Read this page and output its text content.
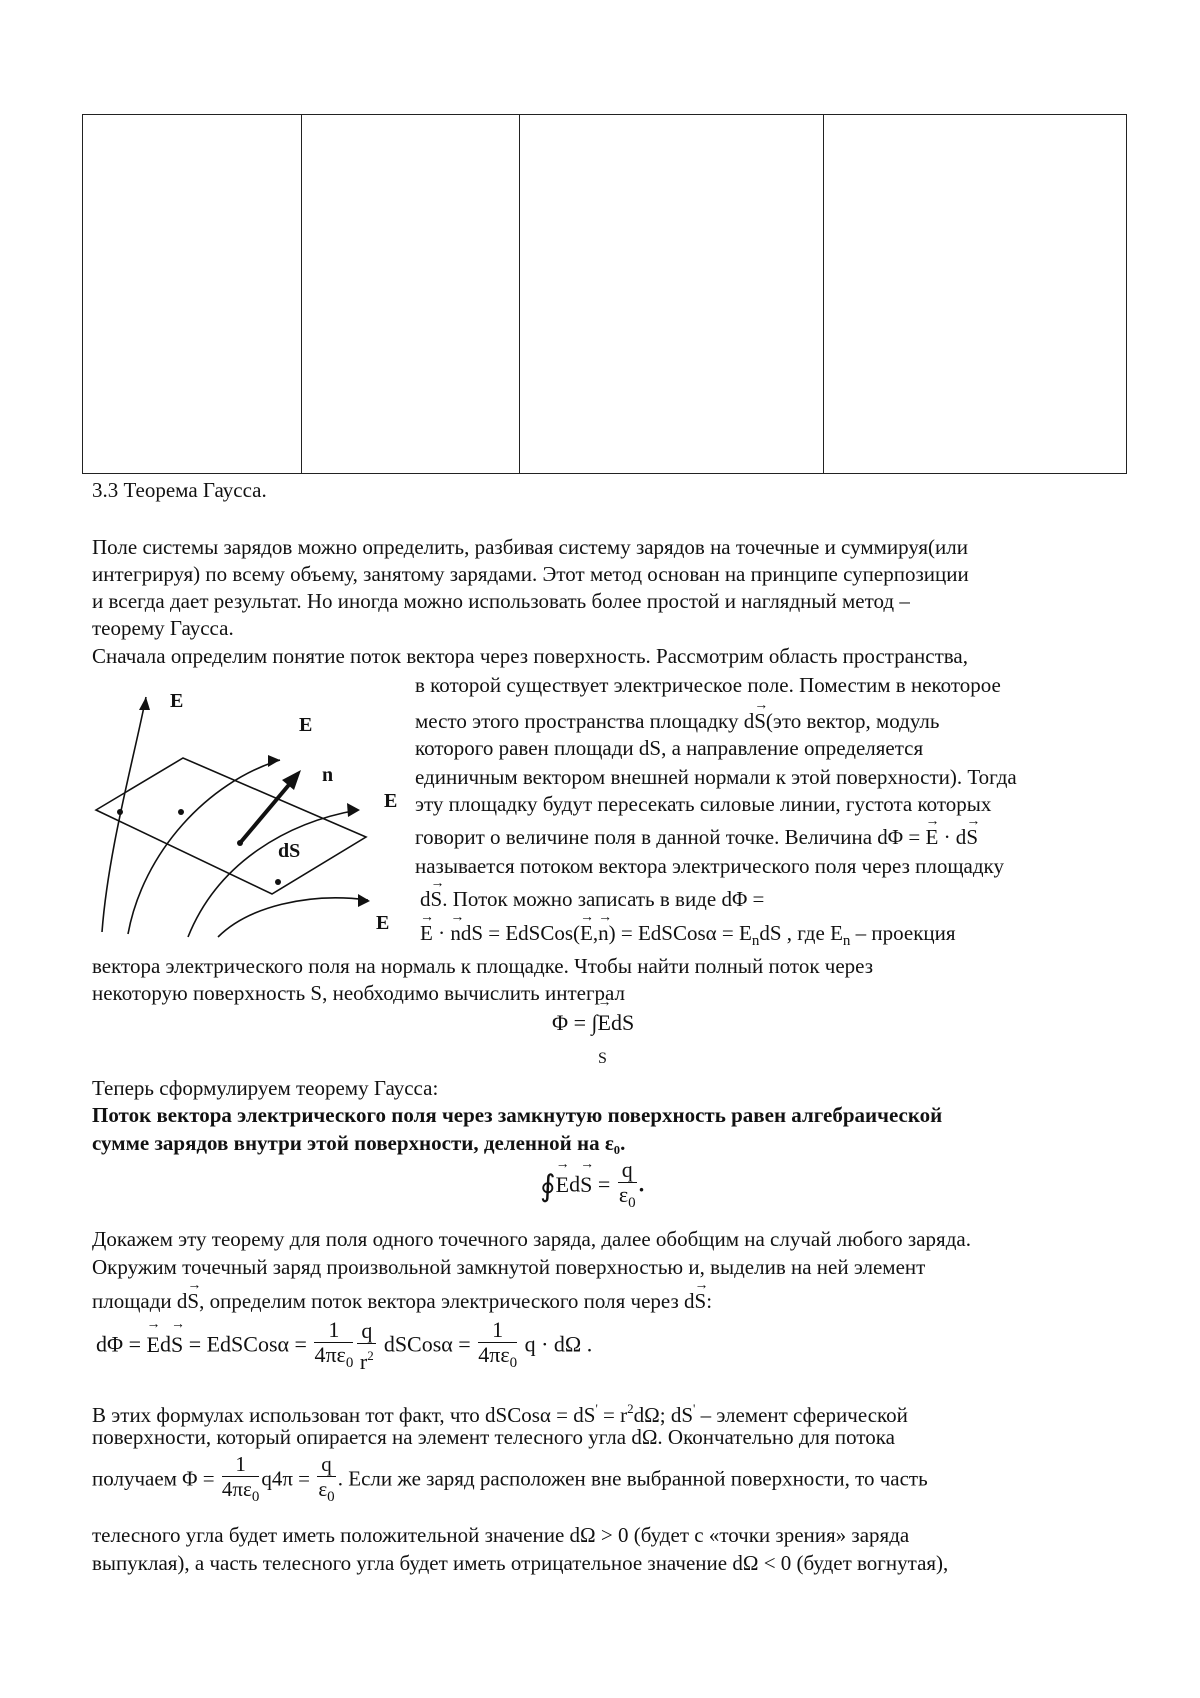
3.3 Теорема Гаусса.
Поле системы зарядов можно определить, разбивая систему зарядов на точечные и суммируя(или
интегрируя) по всему объему, занятому зарядами. Этот метод основан на принципе суперпозиции
и всегда дает результат. Но иногда можно использовать более простой и наглядный метод –
теорему Гаусса.
Сначала определим понятие поток вектора через поверхность. Рассмотрим область пространства,
E
E
n
E
dS
E
в которой существует электрическое поле. Поместим в некоторое
место этого пространства площадку d→ S(это вектор, модуль
которого равен площади dS, а направление определяется
единичным вектором внешней нормали к этой поверхности). Тогда
эту площадку будут пересекать силовые линии, густота которых
говорит о величине поля в данной точке. Величина dΦ = → E · d→ S
называется потоком вектора электрического поля через площадку
d→ S. Поток можно записать в виде dΦ =
→ E · → ndS = EdSCos(→ E,→ n) = EdSCosα = $E_ndS$ , где $E_n$ – проекция
вектора электрического поля на нормаль к площадке. Чтобы найти полный поток через
некоторую поверхность S, необходимо вычислить интеграл
Φ = ∫→ EdS
S
Теперь сформулируем теорему Гаусса:
Поток вектора электрического поля через замкнутую поверхность равен алгебраической
сумме зарядов внутри этой поверхности, деленной на ε₀.
∮→ $Ed\to S = \frac{q}{\varepsilon_0}$ .
Докажем эту теорему для поля одного точечного заряда, далее обобщим на случай любого заряда.
Окружим точечный заряд произвольной замкнутой поверхностью и, выделив на ней элемент
площади d→ S, определим поток вектора электрического поля через d→ S:
dΦ = → Ed→ S = EdSCosα = $\frac{1}{4\pi\varepsilon_0} \frac{q}{r^2}$ dSCosα = $\frac{1}{4\pi\varepsilon_0}$ q · dΩ .
В этих формулах использован тот факт, что dSCosα = $dS' = r^2d\Omega$; dS' – элемент сферической
поверхности, который опирается на элемент телесного угла dΩ. Окончательно для потока
получаем $\Phi = \frac{1}{4\pi\varepsilon_0} q4\pi = \frac{q}{\varepsilon_0}$ . Если же заряд расположен вне выбранной поверхности, то часть
телесного угла будет иметь положительной значение dΩ > 0 (будет с «точки зрения» заряда
выпуклая), а часть телесного угла будет иметь отрицательное значение dΩ < 0 (будет вогнутая),
